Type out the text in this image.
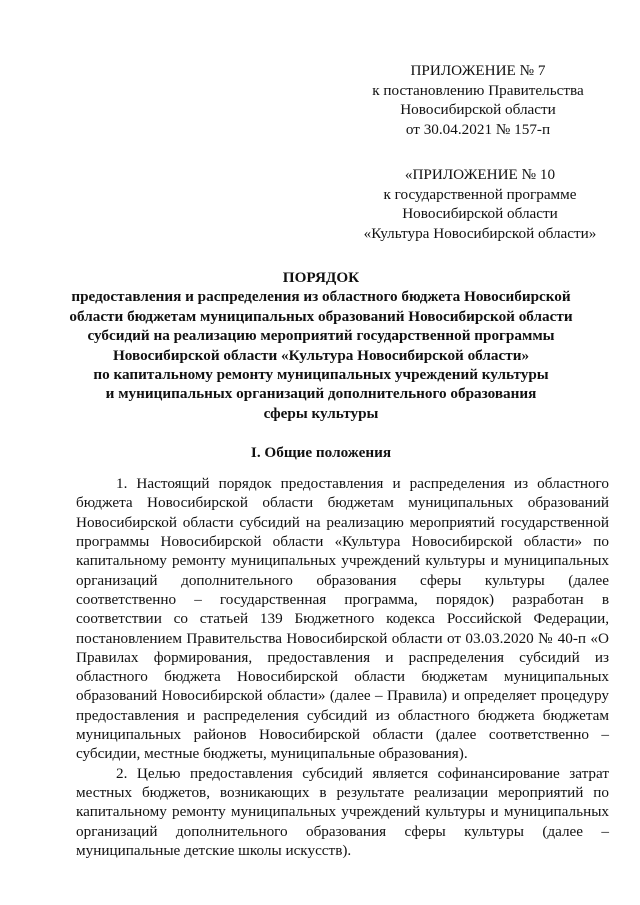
ПРИЛОЖЕНИЕ № 7
к постановлению Правительства
Новосибирской области
от 30.04.2021 № 157-п
«ПРИЛОЖЕНИЕ № 10
к государственной программе
Новосибирской области
«Культура Новосибирской области»
ПОРЯДОК
предоставления и распределения из областного бюджета Новосибирской
области бюджетам муниципальных образований Новосибирской области
субсидий на реализацию мероприятий государственной программы
Новосибирской области «Культура Новосибирской области»
по капитальному ремонту муниципальных учреждений культуры
и муниципальных организаций дополнительного образования
сферы культуры
I. Общие положения

1. Настоящий порядок предоставления и распределения из областного бюджета Новосибирской области бюджетам муниципальных образований Новосибирской области субсидий на реализацию мероприятий государственной программы Новосибирской области «Культура Новосибирской области» по капитальному ремонту муниципальных учреждений культуры и муниципальных организаций дополнительного образования сферы культуры (далее соответственно – государственная программа, порядок) разработан в соответствии со статьей 139 Бюджетного кодекса Российской Федерации, постановлением Правительства Новосибирской области от 03.03.2020 № 40-п «О Правилах формирования, предоставления и распределения субсидий из областного бюджета Новосибирской области бюджетам муниципальных образований Новосибирской области» (далее – Правила) и определяет процедуру предоставления и распределения субсидий из областного бюджета бюджетам муниципальных районов Новосибирской области (далее соответственно – субсидии, местные бюджеты, муниципальные образования).

2. Целью предоставления субсидий является софинансирование затрат местных бюджетов, возникающих в результате реализации мероприятий по капитальному ремонту муниципальных учреждений культуры и муниципальных организаций дополнительного образования сферы культуры (далее – муниципальные детские школы искусств).
